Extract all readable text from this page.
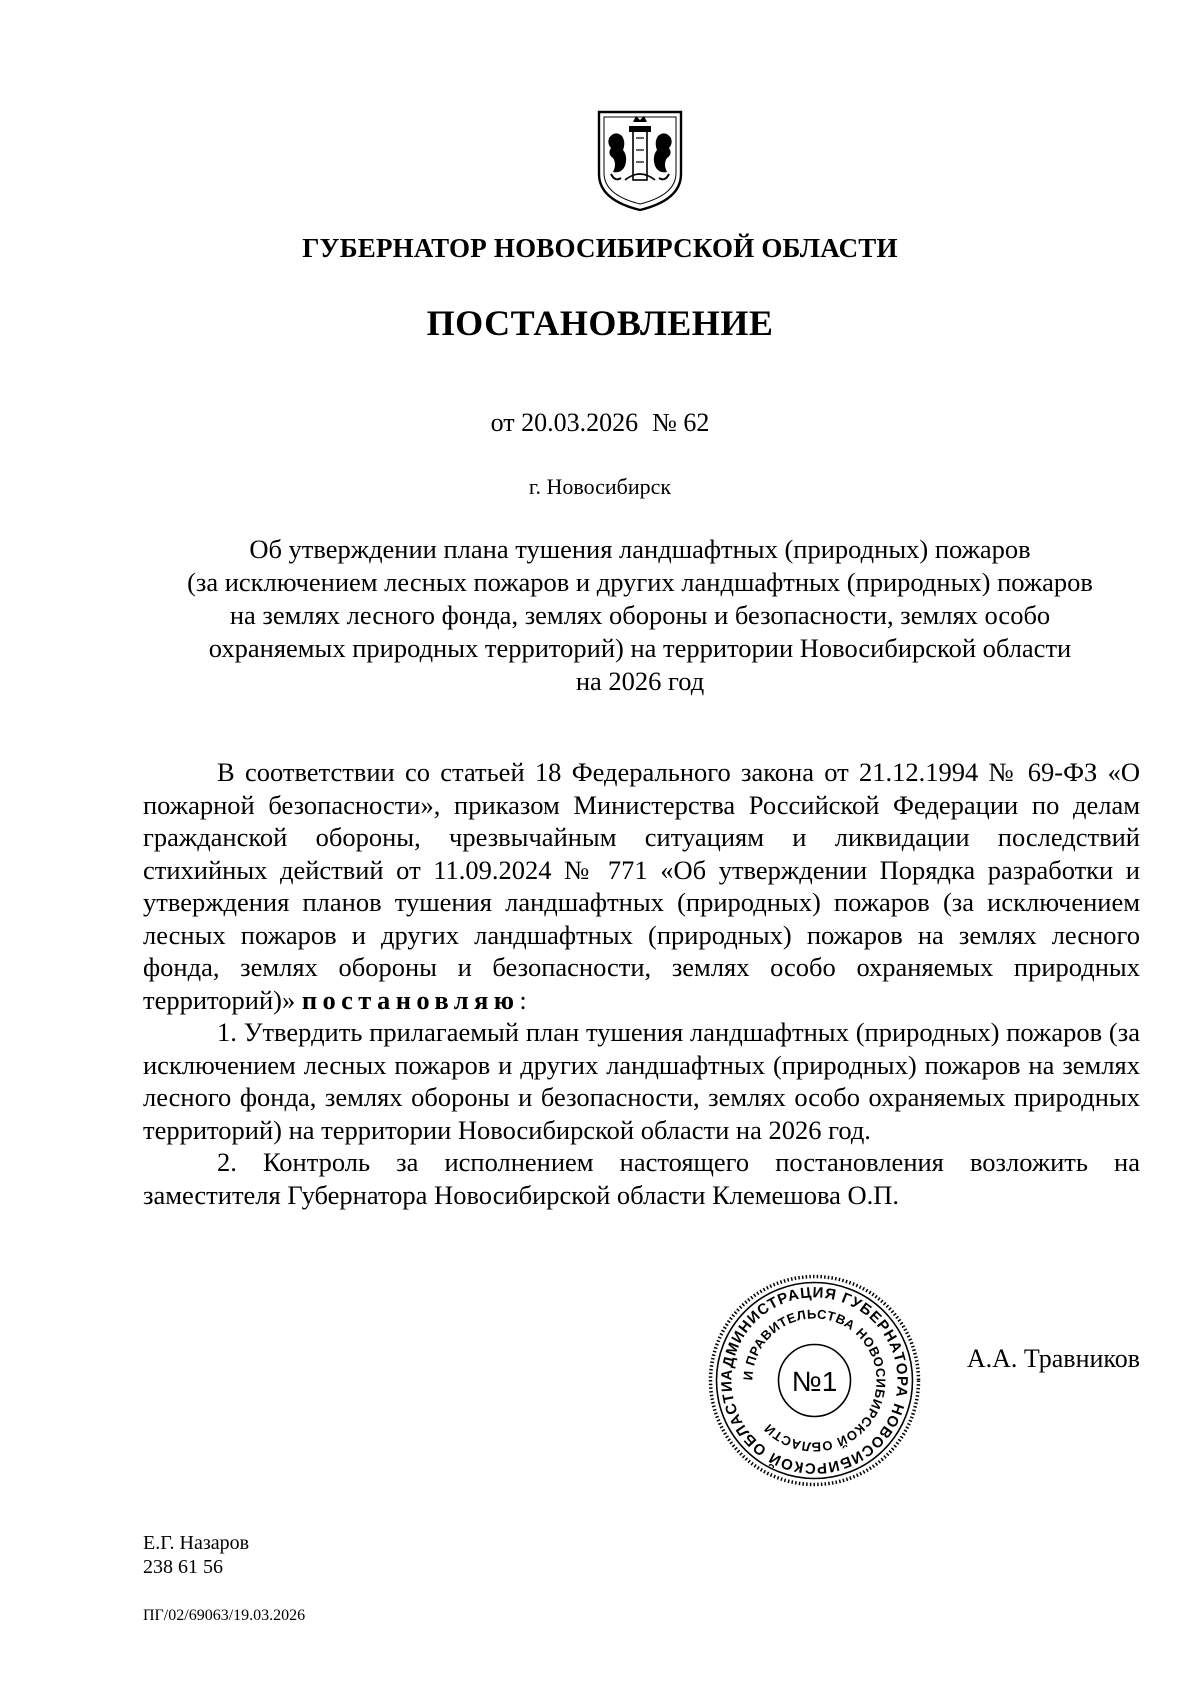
ГУБЕРНАТОР НОВОСИБИРСКОЙ ОБЛАСТИ
ПОСТАНОВЛЕНИЕ
от 20.03.2026 № 62
г. Новосибирск
Об утверждении плана тушения ландшафтных (природных) пожаров
(за исключением лесных пожаров и других ландшафтных (природных) пожаров
на землях лесного фонда, землях обороны и безопасности, землях особо
охраняемых природных территорий) на территории Новосибирской области
на 2026 год

В соответствии со статьей 18 Федерального закона от 21.12.1994 № 69-ФЗ «О пожарной безопасности», приказом Министерства Российской Федерации по делам гражданской обороны, чрезвычайным ситуациям и ликвидации последствий стихийных действий от 11.09.2024 № 771 «Об утверждении Порядка разработки и утверждения планов тушения ландшафтных (природных) пожаров (за исключением лесных пожаров и других ландшафтных (природных) пожаров на землях лесного фонда, землях обороны и безопасности, землях особо охраняемых природных территорий)» постановляю:

1. Утвердить прилагаемый план тушения ландшафтных (природных) пожаров (за исключением лесных пожаров и других ландшафтных (природных) пожаров на землях лесного фонда, землях обороны и безопасности, землях особо охраняемых природных территорий) на территории Новосибирской области на 2026 год.

2. Контроль за исполнением настоящего постановления возложить на заместителя Губернатора Новосибирской области Клемешова О.П.

АДМИНИСТРАЦИЯ ГУБЕРНАТОРА НОВОСИБИРСКОЙ ОБЛАСТИ
И ПРАВИТЕЛЬСТВА НОВОСИБИРСКОЙ ОБЛАСТИ
№1
А.А. Травников
Е.Г. Назаров
238 61 56
ПГ/02/69063/19.03.2026
